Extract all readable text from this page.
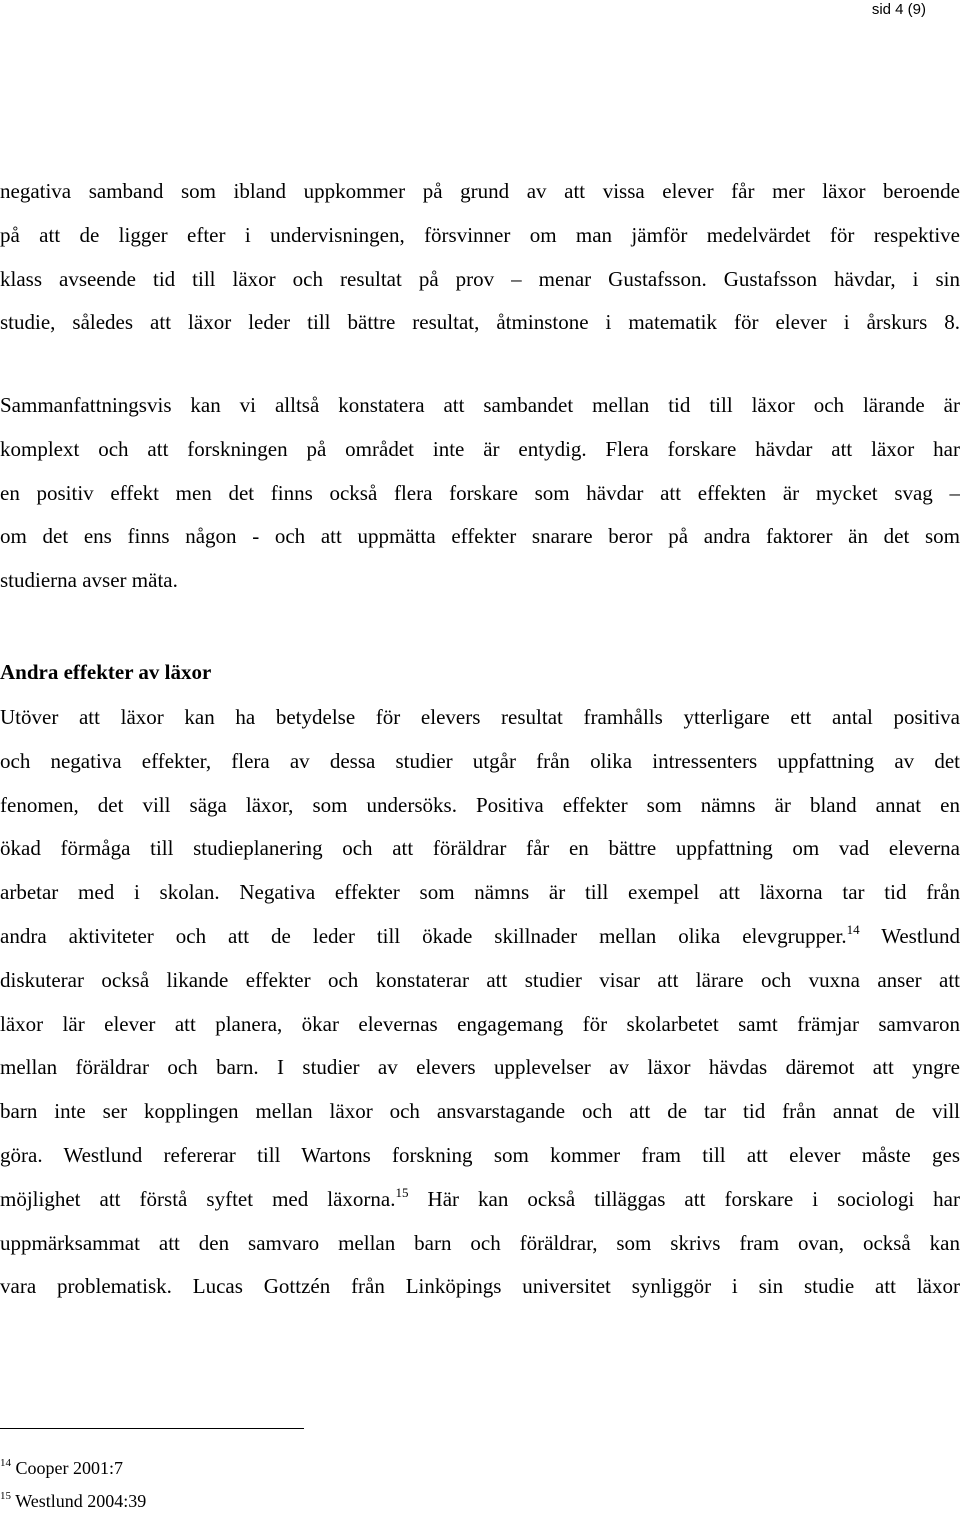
sid 4 (9)
negativa samband som ibland uppkommer på grund av att vissa elever får mer läxor beroende
på att de ligger efter i undervisningen, försvinner om man jämför medelvärdet för respektive
klass avseende tid till läxor och resultat på prov – menar Gustafsson. Gustafsson hävdar, i sin
studie, således att läxor leder till bättre resultat, åtminstone i matematik för elever i årskurs 8.
Sammanfattningsvis kan vi alltså konstatera att sambandet mellan tid till läxor och lärande är
komplext och att forskningen på området inte är entydig. Flera forskare hävdar att läxor har
en positiv effekt men det finns också flera forskare som hävdar att effekten är mycket svag –
om det ens finns någon - och att uppmätta effekter snarare beror på andra faktorer än det som
studierna avser mäta.
Andra effekter av läxor
Utöver att läxor kan ha betydelse för elevers resultat framhålls ytterligare ett antal positiva
och negativa effekter, flera av dessa studier utgår från olika intressenters uppfattning av det
fenomen, det vill säga läxor, som undersöks. Positiva effekter som nämns är bland annat en
ökad förmåga till studieplanering och att föräldrar får en bättre uppfattning om vad eleverna
arbetar med i skolan. Negativa effekter som nämns är till exempel att läxorna tar tid från
andra aktiviteter och att de leder till ökade skillnader mellan olika elevgrupper.$^{14}$ Westlund
diskuterar också likande effekter och konstaterar att studier visar att lärare och vuxna anser att
läxor lär elever att planera, ökar elevernas engagemang för skolarbetet samt främjar samvaron
mellan föräldrar och barn. I studier av elevers upplevelser av läxor hävdas däremot att yngre
barn inte ser kopplingen mellan läxor och ansvarstagande och att de tar tid från annat de vill
göra. Westlund refererar till Wartons forskning som kommer fram till att elever måste ges
möjlighet att förstå syftet med läxorna.$^{15}$ Här kan också tilläggas att forskare i sociologi har
uppmärksammat att den samvaro mellan barn och föräldrar, som skrivs fram ovan, också kan
vara problematisk. Lucas Gottzén från Linköpings universitet synliggör i sin studie att läxor
$^{14}$ Cooper 2001:7
$^{15}$ Westlund 2004:39
